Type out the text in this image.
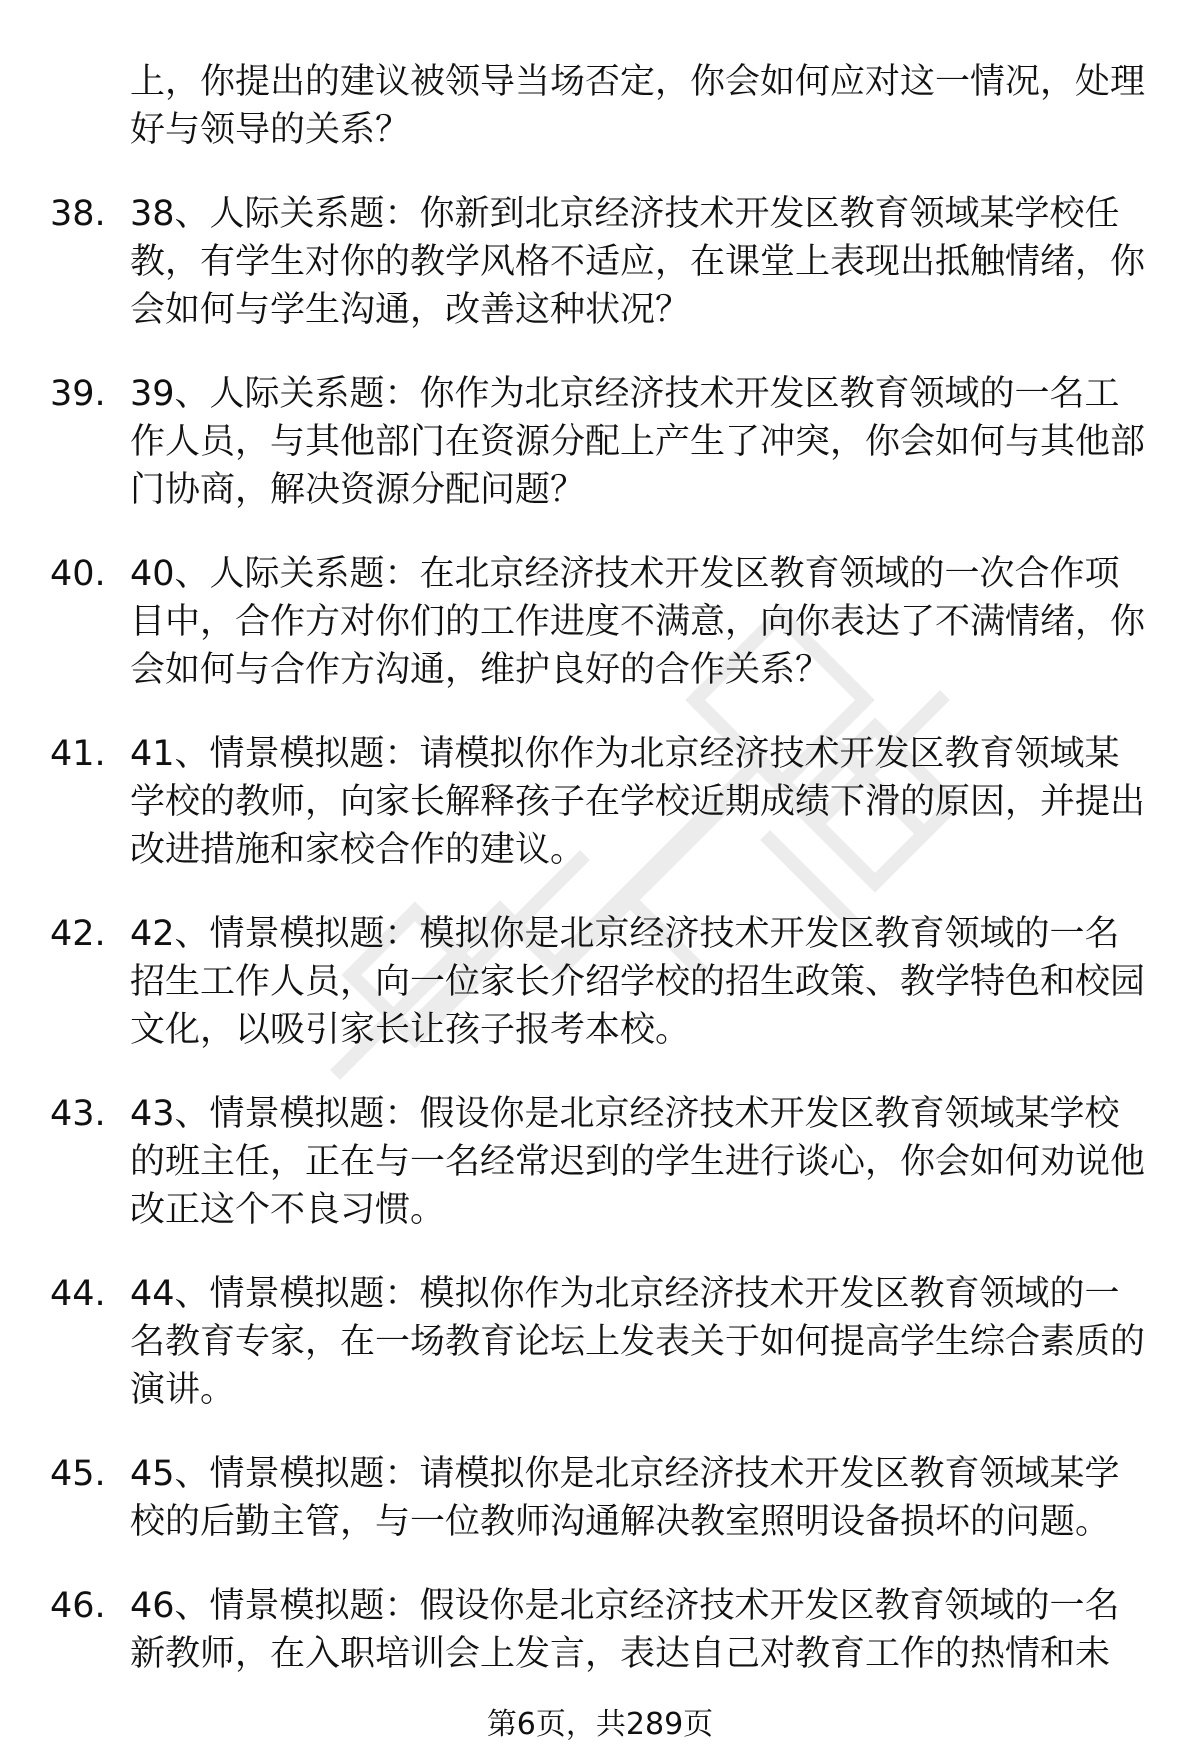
上，你提出的建议被领导当场否定，你会如何应对这一情况，处理好与领导的关系？
38. 38、人际关系题：你新到北京经济技术开发区教育领域某学校任教，有学生对你的教学风格不适应，在课堂上表现出抵触情绪，你会如何与学生沟通，改善这种状况？
39. 39、人际关系题：你作为北京经济技术开发区教育领域的一名工作人员，与其他部门在资源分配上产生了冲突，你会如何与其他部门协商，解决资源分配问题？
40. 40、人际关系题：在北京经济技术开发区教育领域的一次合作项目中，合作方对你们的工作进度不满意，向你表达了不满情绪，你会如何与合作方沟通，维护良好的合作关系？
41. 41、情景模拟题：请模拟你作为北京经济技术开发区教育领域某学校的教师，向家长解释孩子在学校近期成绩下滑的原因，并提出改进措施和家校合作的建议。
42. 42、情景模拟题：模拟你是北京经济技术开发区教育领域的一名招生工作人员，向一位家长介绍学校的招生政策、教学特色和校园文化，以吸引家长让孩子报考本校。
43. 43、情景模拟题：假设你是北京经济技术开发区教育领域某学校的班主任，正在与一名经常迟到的学生进行谈心，你会如何劝说他改正这个不良习惯。
44. 44、情景模拟题：模拟你作为北京经济技术开发区教育领域的一名教育专家，在一场教育论坛上发表关于如何提高学生综合素质的演讲。
45. 45、情景模拟题：请模拟你是北京经济技术开发区教育领域某学校的后勤主管，与一位教师沟通解决教室照明设备损坏的问题。
46. 46、情景模拟题：假设你是北京经济技术开发区教育领域的一名新教师，在入职培训会上发言，表达自己对教育工作的热情和未
第6页，共289页
